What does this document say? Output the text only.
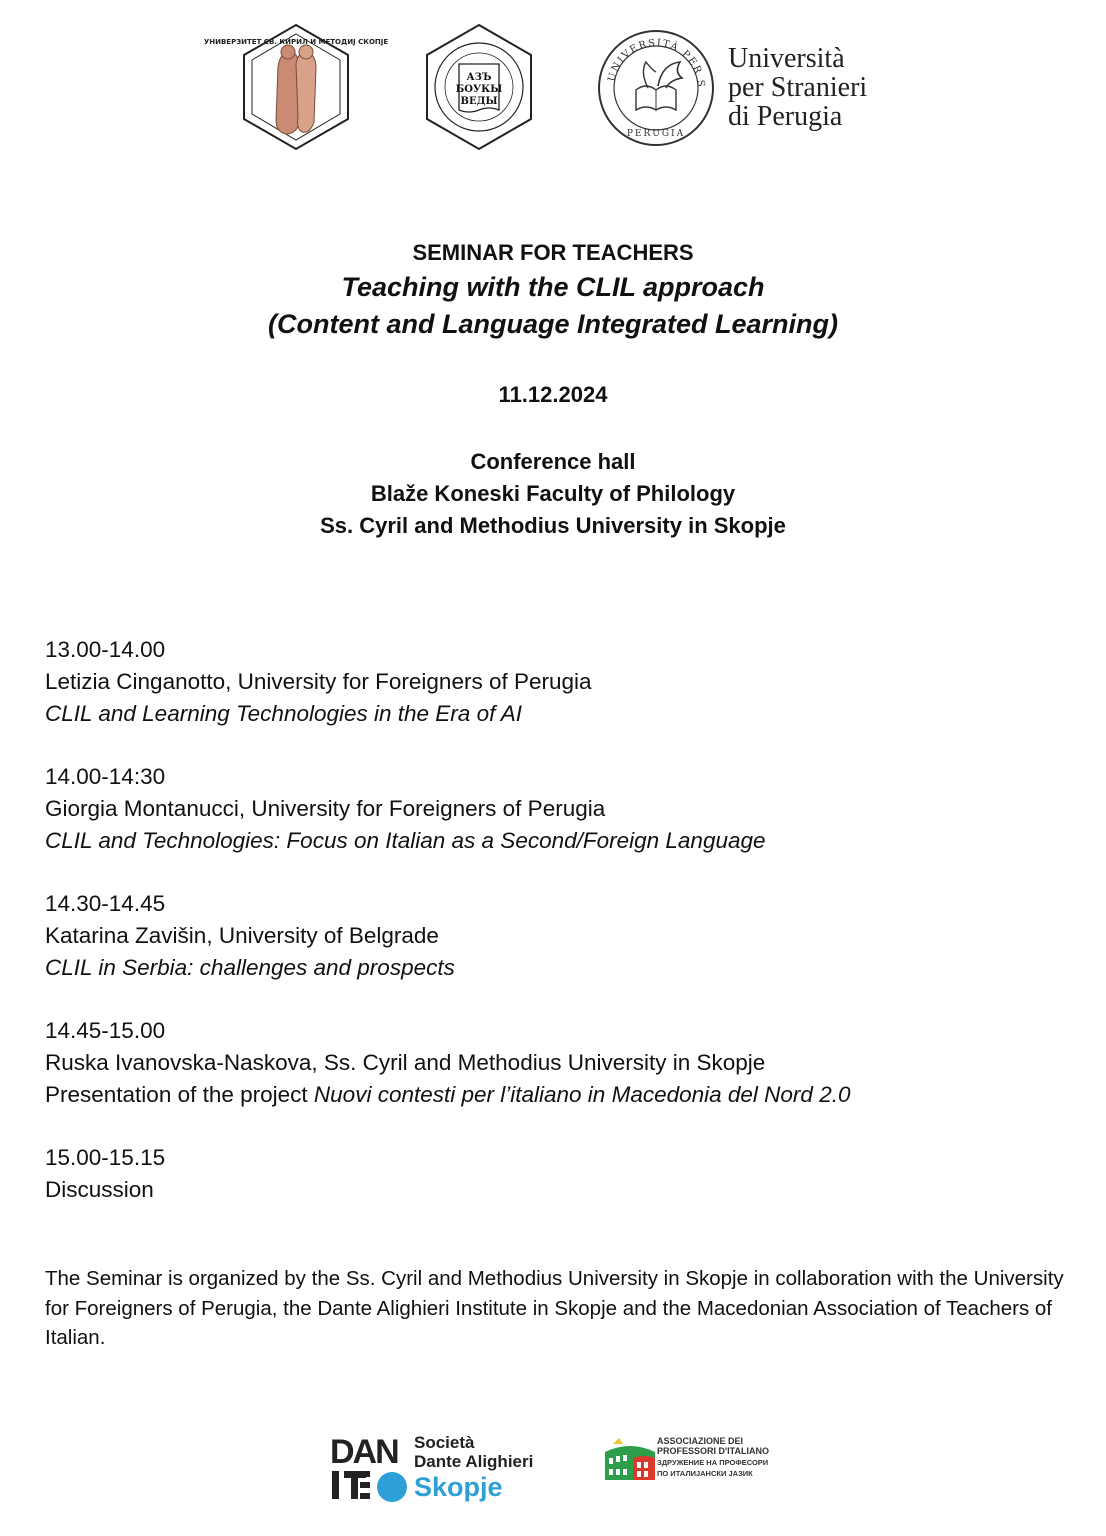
УНИВЕРЗИТЕТ СВ. КИРИЛ И МЕТОДИЈ СКОПЈЕ
АЗЪ
БОУКЫ
ВЕДЫ
UNIVERSITÀ PER S
PERUGIA
Università
per Stranieri
di Perugia
SEMINAR FOR TEACHERS
Teaching with the CLIL approach
(Content and Language Integrated Learning)
11.12.2024
Conference hall
Blaže Koneski Faculty of Philology
Ss. Cyril and Methodius University in Skopje
13.00-14.00
Letizia Cinganotto, University for Foreigners of Perugia
CLIL and Learning Technologies in the Era of AI
14.00-14:30
Giorgia Montanucci, University for Foreigners of Perugia
CLIL and Technologies: Focus on Italian as a Second/Foreign Language
14.30-14.45
Katarina Zavišin, University of Belgrade
CLIL in Serbia: challenges and prospects
14.45-15.00
Ruska Ivanovska-Naskova, Ss. Cyril and Methodius University in Skopje
Presentation of the project Nuovi contesti per l’italiano in Macedonia del Nord 2.0
15.00-15.15
Discussion
The Seminar is organized by the Ss. Cyril and Methodius University in Skopje in collaboration with the University for Foreigners of Perugia, the Dante Alighieri Institute in Skopje and the Macedonian Association of Teachers of Italian.
DAN Società
Dante Alighieri
Skopje
ASSOCIAZIONE DEI
PROFESSORI D'ITALIANO
ЗДРУЖЕНИЕ НА ПРОФЕСОРИ
ПО ИТАЛИЈАНСКИ ЈАЗИК
